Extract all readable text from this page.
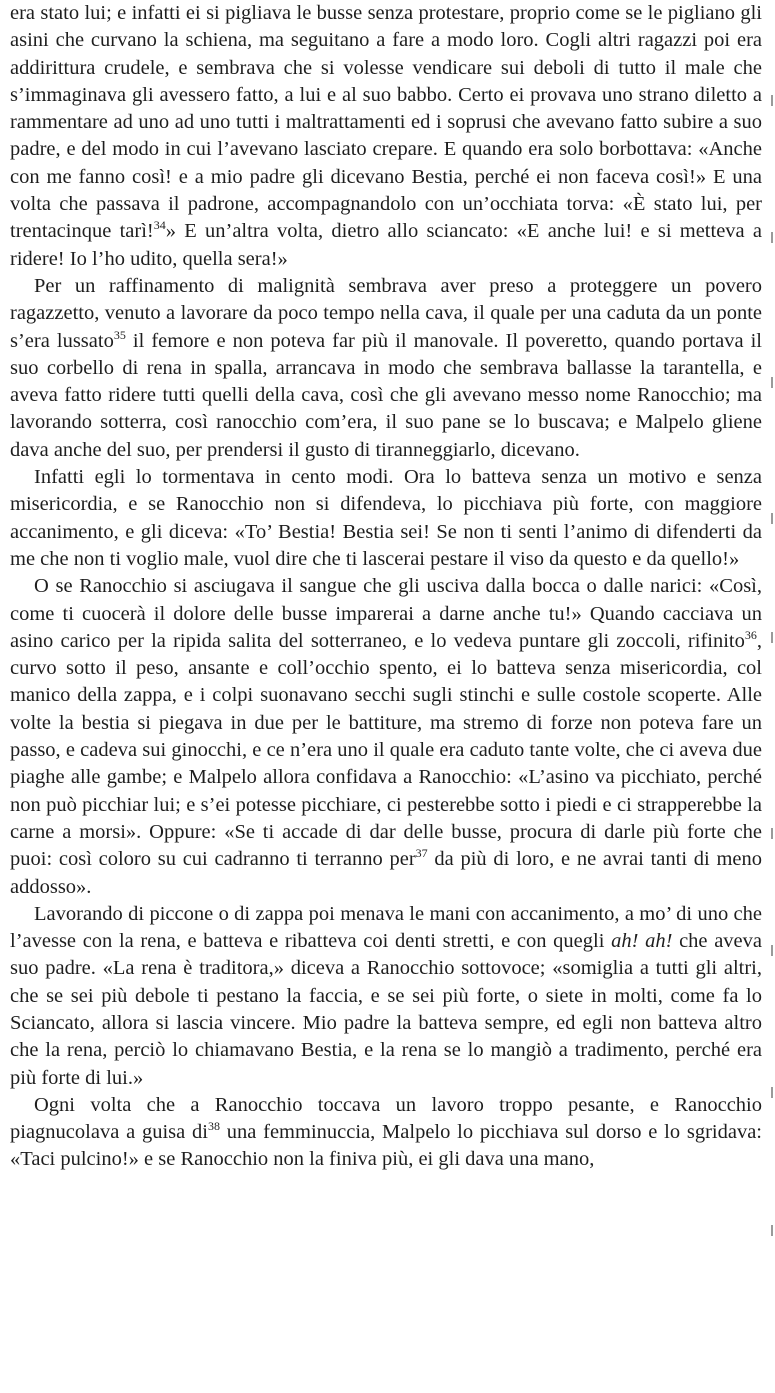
era stato lui; e infatti ei si pigliava le busse senza protestare, proprio come se le pigliano gli asini che curvano la schiena, ma seguitano a fare a modo loro. Cogli altri ragazzi poi era addirittura crudele, e sembrava che si volesse vendicare sui deboli di tutto il male che s’immaginava gli avessero fatto, a lui e al suo babbo. Certo ei provava uno strano diletto a rammentare ad uno ad uno tutti i maltrattamenti ed i soprusi che avevano fatto subire a suo padre, e del modo in cui l’avevano lasciato crepare. E quando era solo borbottava: «Anche con me fanno così! e a mio padre gli dicevano Bestia, perché ei non faceva così!» E una volta che passava il padrone, accompagnandolo con un’occhiata torva: «È stato lui, per trentacinque tarì!$^{34}$» E un’altra volta, dietro allo sciancato: «E anche lui! e si metteva a ridere! Io l’ho udito, quella sera!»

Per un raffinamento di malignità sembrava aver preso a proteggere un povero ragazzetto, venuto a lavorare da poco tempo nella cava, il quale per una caduta da un ponte s’era lussato$^{35}$ il femore e non poteva far più il manovale. Il poveretto, quando portava il suo corbello di rena in spalla, arrancava in modo che sembrava ballasse la tarantella, e aveva fatto ridere tutti quelli della cava, così che gli avevano messo nome Ranocchio; ma lavorando sotterra, così ranocchio com’era, il suo pane se lo buscava; e Malpelo gliene dava anche del suo, per prendersi il gusto di tiranneggiarlo, dicevano.

Infatti egli lo tormentava in cento modi. Ora lo batteva senza un motivo e senza misericordia, e se Ranocchio non si difendeva, lo picchiava più forte, con maggiore accanimento, e gli diceva: «To’ Bestia! Bestia sei! Se non ti senti l’animo di difenderti da me che non ti voglio male, vuol dire che ti lascerai pestare il viso da questo e da quello!»

O se Ranocchio si asciugava il sangue che gli usciva dalla bocca o dalle narici: «Così, come ti cuocerà il dolore delle busse imparerai a darne anche tu!» Quando cacciava un asino carico per la ripida salita del sotterraneo, e lo vedeva puntare gli zoccoli, rifinito$^{36}$, curvo sotto il peso, ansante e coll’occhio spento, ei lo batteva senza misericordia, col manico della zappa, e i colpi suonavano secchi sugli stinchi e sulle costole scoperte. Alle volte la bestia si piegava in due per le battiture, ma stremo di forze non poteva fare un passo, e cadeva sui ginocchi, e ce n’era uno il quale era caduto tante volte, che ci aveva due piaghe alle gambe; e Malpelo allora confidava a Ranocchio: «L’asino va picchiato, perché non può picchiar lui; e s’ei potesse picchiare, ci pesterebbe sotto i piedi e ci strapperebbe la carne a morsi». Oppure: «Se ti accade di dar delle busse, procura di darle più forte che puoi: così coloro su cui cadranno ti terranno per$^{37}$ da più di loro, e ne avrai tanti di meno addosso».

Lavorando di piccone o di zappa poi menava le mani con accanimento, a mo’ di uno che l’avesse con la rena, e batteva e ribatteva coi denti stretti, e con quegli ah! ah! che aveva suo padre. «La rena è traditora,» diceva a Ranocchio sottovoce; «somiglia a tutti gli altri, che se sei più debole ti pestano la faccia, e se sei più forte, o siete in molti, come fa lo Sciancato, allora si lascia vincere. Mio padre la batteva sempre, ed egli non batteva altro che la rena, perciò lo chiamavano Bestia, e la rena se lo mangiò a tradimento, perché era più forte di lui.»

Ogni volta che a Ranocchio toccava un lavoro troppo pesante, e Ranocchio piagnucolava a guisa di$^{38}$ una femminuccia, Malpelo lo picchiava sul dorso e lo sgridava: «Taci pulcino!» e se Ranocchio non la finiva più, ei gli dava una mano,
